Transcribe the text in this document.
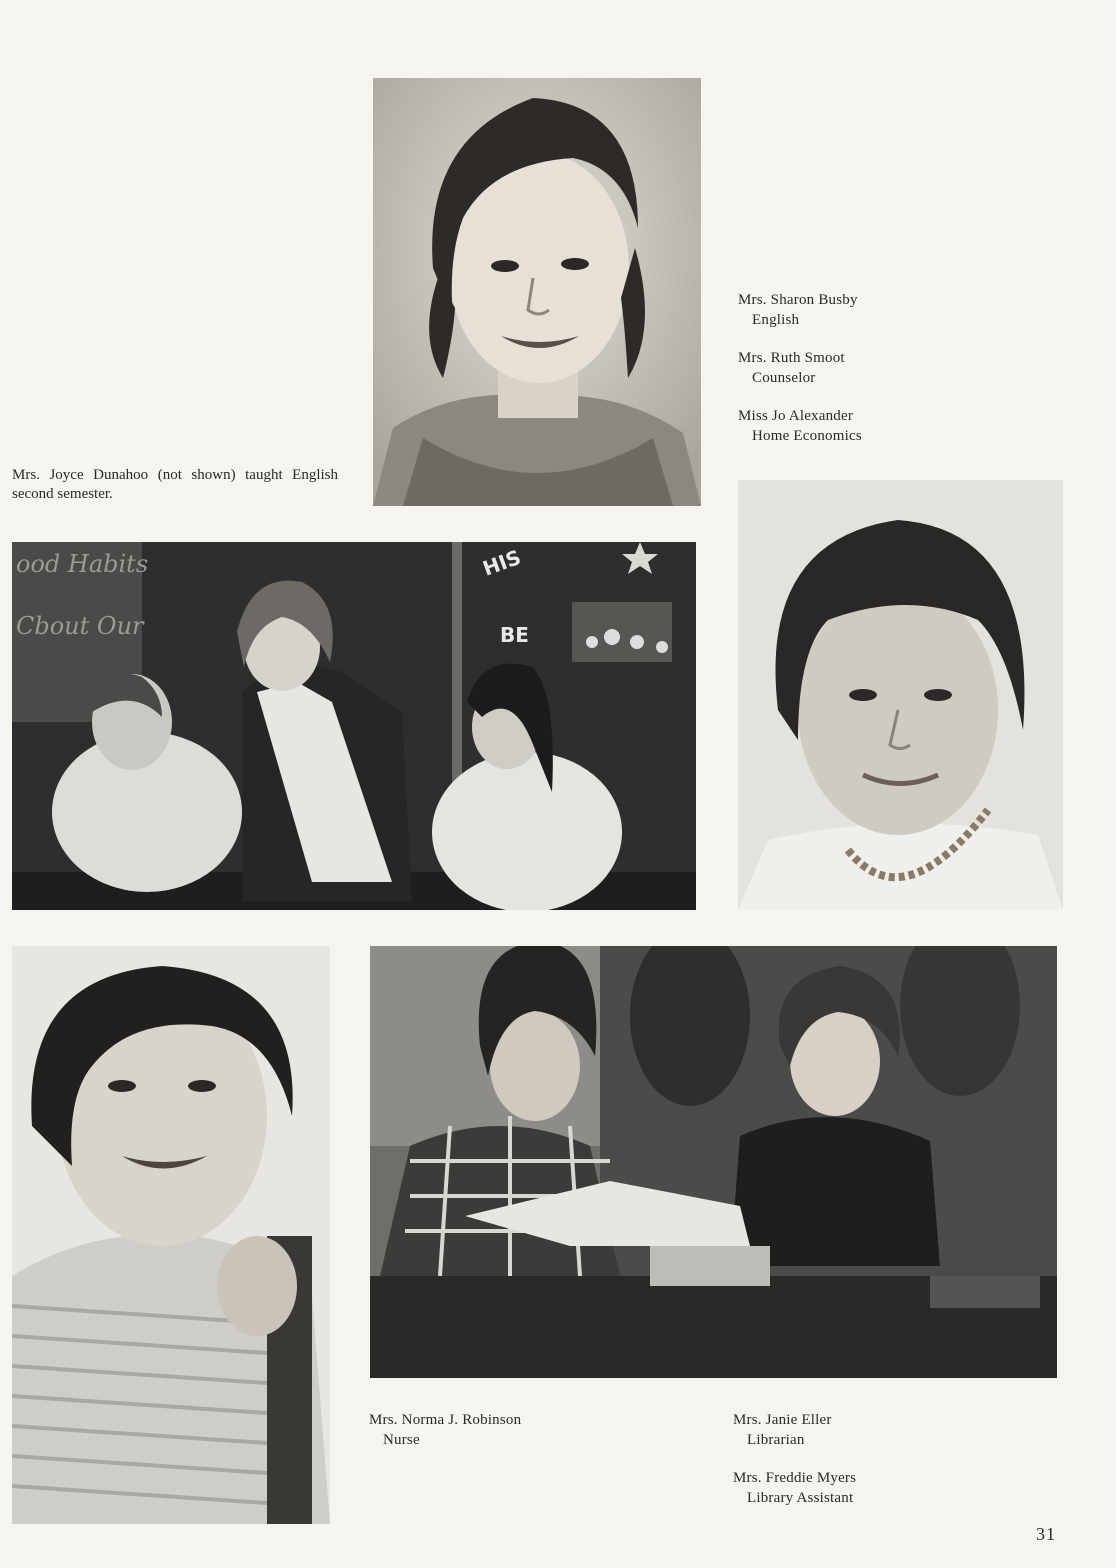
Mrs. Sharon Busby
English
Mrs. Ruth Smoot
Counselor
Miss Jo Alexander
Home Economics
Mrs. Joyce Dunahoo (not shown) taught English second semester.
ood Habits
Cbout Our
HIS
BE
Mrs. Norma J. Robinson
Nurse
Mrs. Janie Eller
Librarian
Mrs. Freddie Myers
Library Assistant
31
